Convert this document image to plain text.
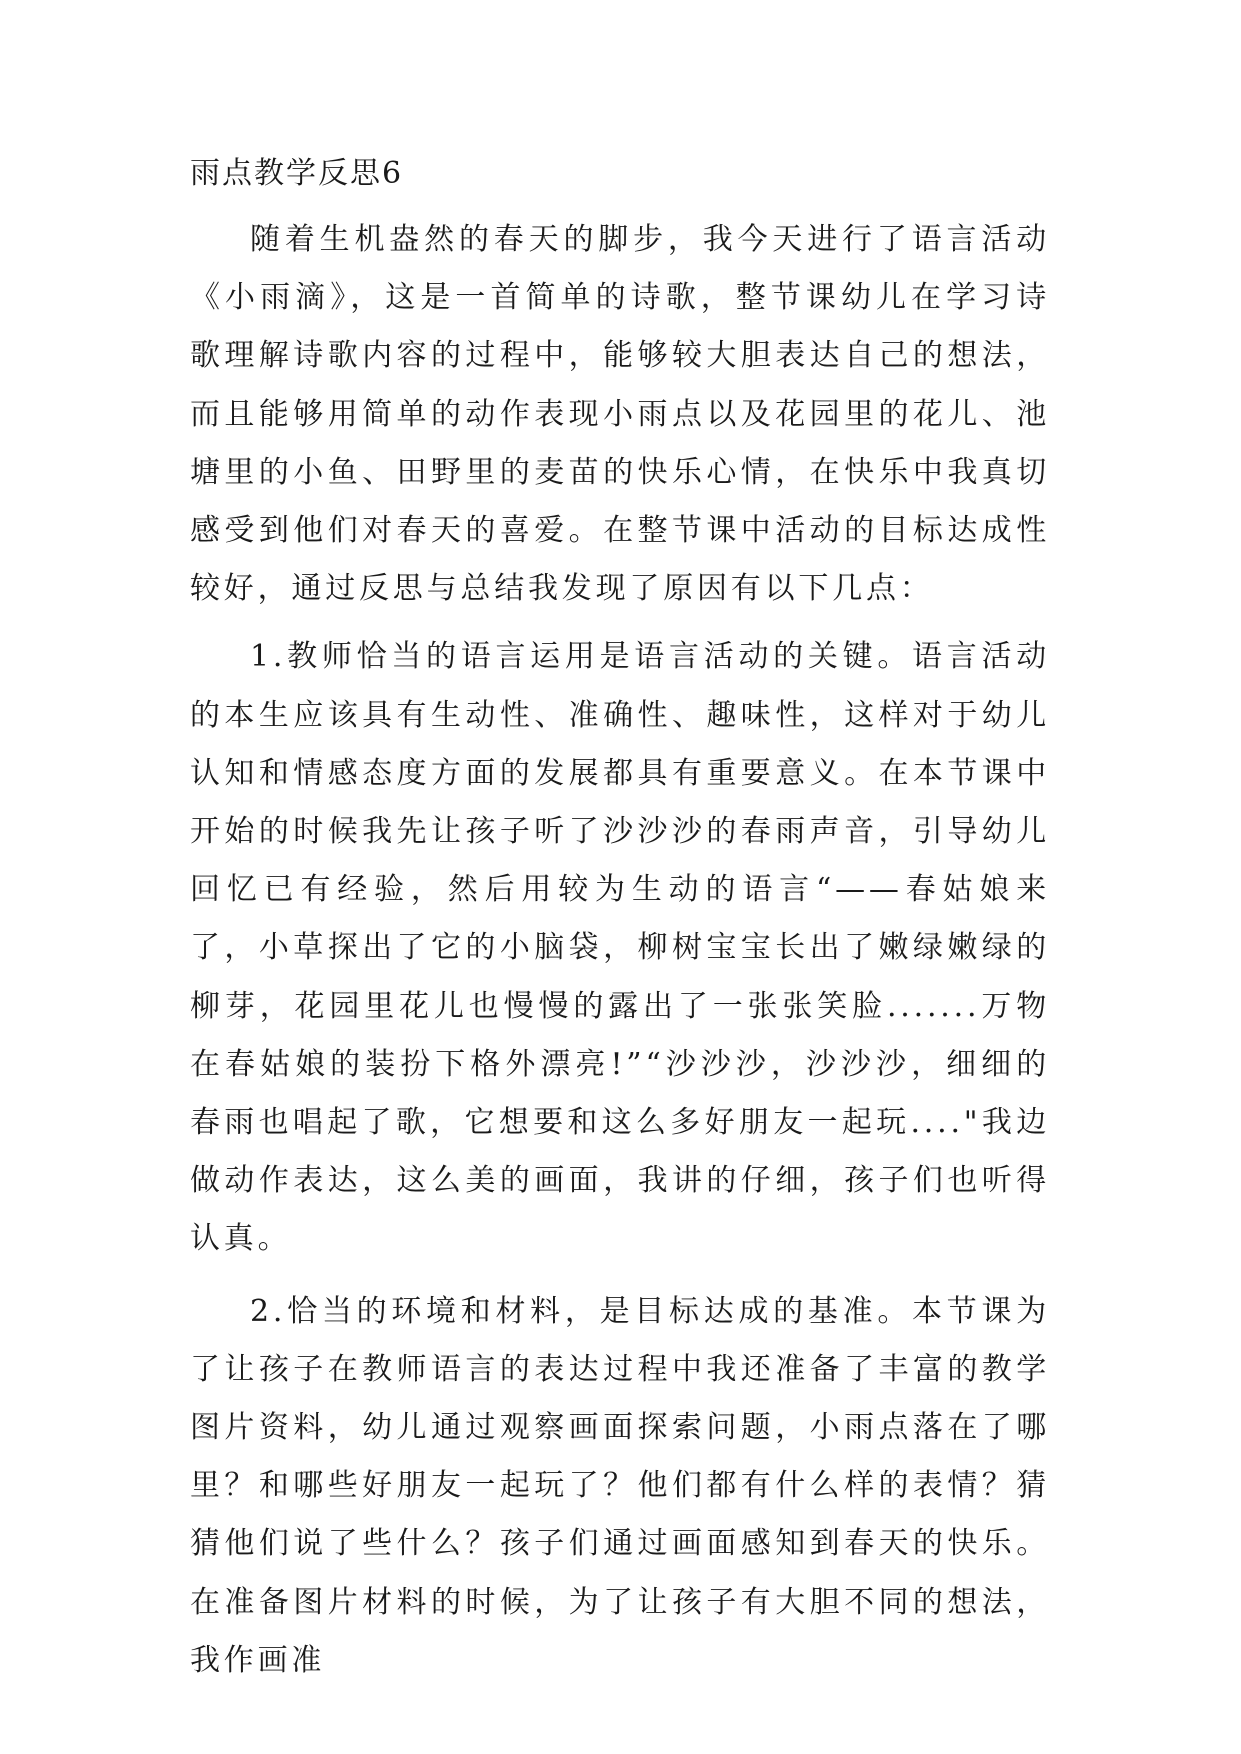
雨点教学反思6

随着生机盎然的春天的脚步，我今天进行了语言活动《小雨滴》，这是一首简单的诗歌，整节课幼儿在学习诗歌理解诗歌内容的过程中，能够较大胆表达自己的想法，而且能够用简单的动作表现小雨点以及花园里的花儿、池塘里的小鱼、田野里的麦苗的快乐心情，在快乐中我真切感受到他们对春天的喜爱。在整节课中活动的目标达成性较好，通过反思与总结我发现了原因有以下几点：

1.教师恰当的语言运用是语言活动的关键。语言活动的本生应该具有生动性、准确性、趣味性，这样对于幼儿认知和情感态度方面的发展都具有重要意义。在本节课中开始的时候我先让孩子听了沙沙沙的春雨声音，引导幼儿回忆已有经验，然后用较为生动的语言“——春姑娘来了，小草探出了它的小脑袋，柳树宝宝长出了嫩绿嫩绿的柳芽，花园里花儿也慢慢的露出了一张张笑脸.......万物在春姑娘的装扮下格外漂亮!”“沙沙沙，沙沙沙，细细的春雨也唱起了歌，它想要和这么多好朋友一起玩...."我边做动作表达，这么美的画面，我讲的仔细，孩子们也听得认真。

2.恰当的环境和材料，是目标达成的基准。本节课为了让孩子在教师语言的表达过程中我还准备了丰富的教学图片资料，幼儿通过观察画面探索问题，小雨点落在了哪里？和哪些好朋友一起玩了？他们都有什么样的表情？猜猜他们说了些什么？孩子们通过画面感知到春天的快乐。在准备图片材料的时候，为了让孩子有大胆不同的想法，我作画准
